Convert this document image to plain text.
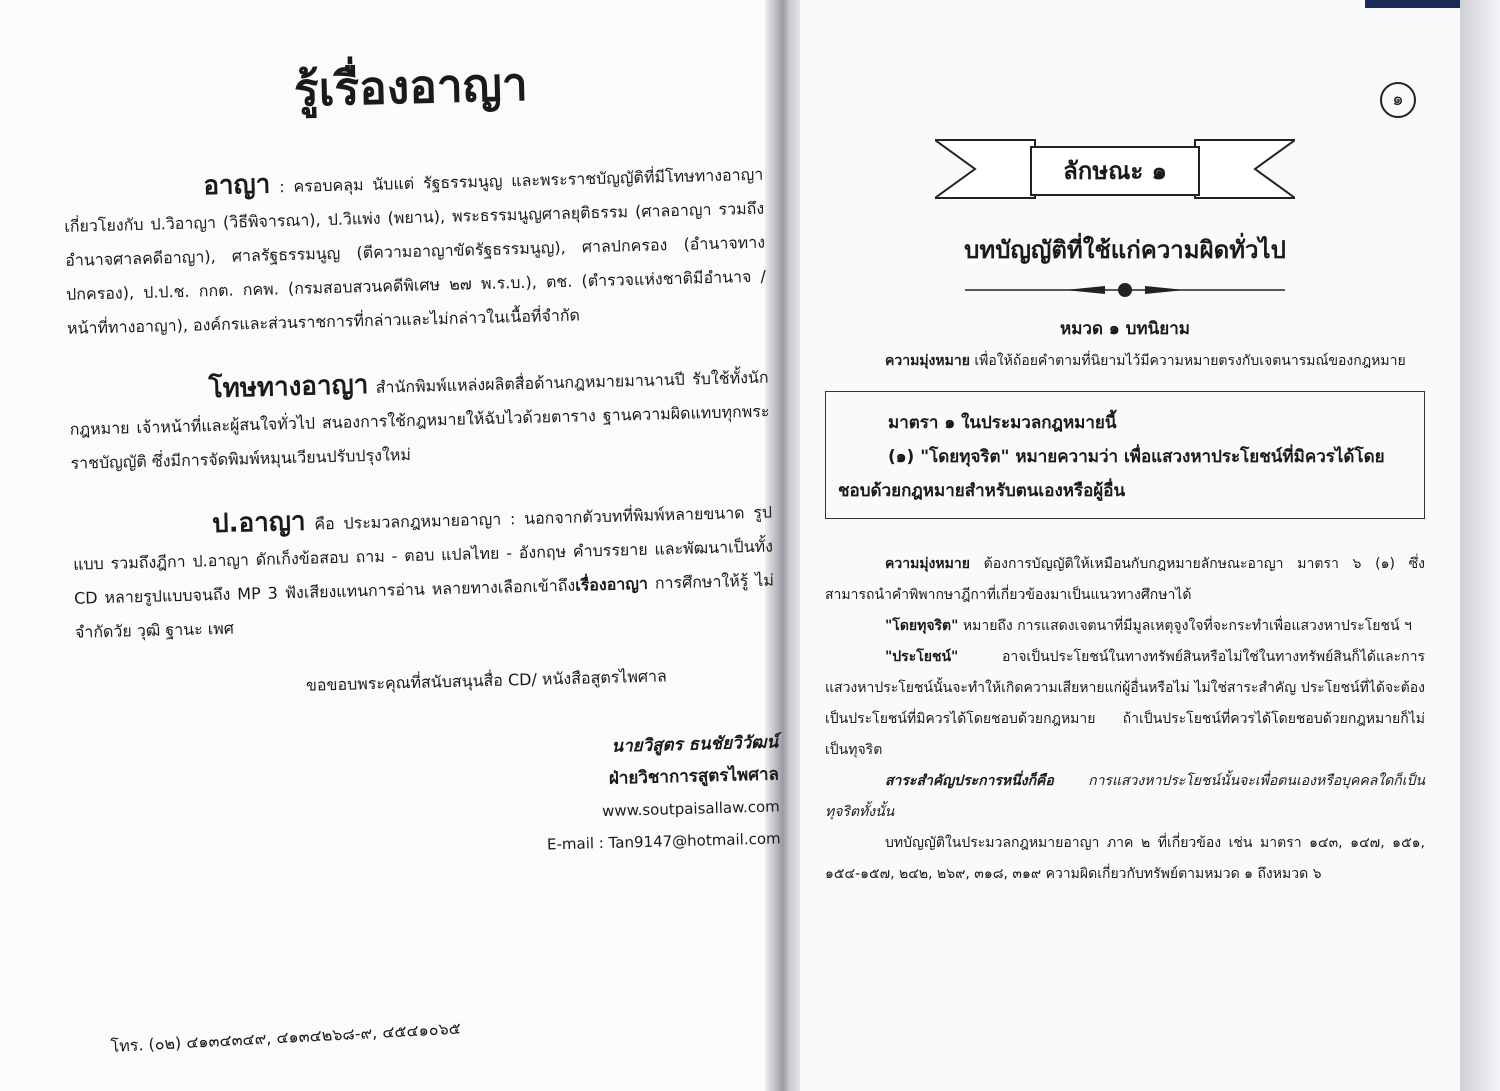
รู้เรื่องอาญา

อาญา : ครอบคลุม นับแต่ รัฐธรรมนูญ และพระราชบัญญัติที่มีโทษทางอาญา เกี่ยวโยงกับ ป.วิอาญา (วิธีพิจารณา), ป.วิแพ่ง (พยาน), พระธรรมนูญศาลยุติธรรม (ศาลอาญา รวมถึงอำนาจศาลคดีอาญา), ศาลรัฐธรรมนูญ (ตีความอาญาขัดรัฐธรรมนูญ), ศาลปกครอง (อำนาจทางปกครอง), ป.ป.ช. กกต. กคพ. (กรมสอบสวนคดีพิเศษ ๒๗ พ.ร.บ.), ตช. (ตำรวจแห่งชาติมีอำนาจ / หน้าที่ทางอาญา), องค์กรและส่วนราชการที่กล่าวและไม่กล่าวในเนื้อที่จำกัด

โทษทางอาญา สำนักพิมพ์แหล่งผลิตสื่อด้านกฎหมายมานานปี รับใช้ทั้งนักกฎหมาย เจ้าหน้าที่และผู้สนใจทั่วไป สนองการใช้กฎหมายให้ฉับไวด้วยตาราง ฐานความผิดแทบทุกพระราชบัญญัติ ซึ่งมีการจัดพิมพ์หมุนเวียนปรับปรุงใหม่

ป.อาญา คือ ประมวลกฎหมายอาญา : นอกจากตัวบทที่พิมพ์หลายขนาด รูปแบบ รวมถึงฎีกา ป.อาญา ดักเก็งข้อสอบ ถาม - ตอบ แปลไทย - อังกฤษ คำบรรยาย และพัฒนาเป็นทั้ง CD หลายรูปแบบจนถึง MP 3 ฟังเสียงแทนการอ่าน หลายทางเลือกเข้าถึงเรื่องอาญา การศึกษาให้รู้ ไม่จำกัดวัย วุฒิ ฐานะ เพศ

ขอขอบพระคุณที่สนับสนุนสื่อ CD/ หนังสือสูตรไพศาล
นายวิสูตร ธนชัยวิวัฒน์
ฝ่ายวิชาการสูตรไพศาล
www.soutpaisallaw.com
E-mail : Tan9147@hotmail.com
โทร. (๐๒) ๔๑๓๔๓๔๙, ๔๑๓๔๒๖๘-๙, ๔๕๔๑๐๖๕
๑
ลักษณะ ๑
บทบัญญัติที่ใช้แก่ความผิดทั่วไป
หมวด ๑ บทนิยาม

ความมุ่งหมาย เพื่อให้ถ้อยคำตามที่นิยามไว้มีความหมายตรงกับเจตนารมณ์ของกฎหมาย

มาตรา ๑ ในประมวลกฎหมายนี้
(๑) "โดยทุจริต" หมายความว่า เพื่อแสวงหาประโยชน์ที่มิควรได้โดยชอบด้วยกฎหมายสำหรับตนเองหรือผู้อื่น

ความมุ่งหมาย ต้องการบัญญัติให้เหมือนกับกฎหมายลักษณะอาญา มาตรา ๖ (๑) ซึ่งสามารถนำคำพิพากษาฎีกาที่เกี่ยวข้องมาเป็นแนวทางศึกษาได้

"โดยทุจริต" หมายถึง การแสดงเจตนาที่มีมูลเหตุจูงใจที่จะกระทำเพื่อแสวงหาประโยชน์ ฯ

"ประโยชน์" อาจเป็นประโยชน์ในทางทรัพย์สินหรือไม่ใช่ในทางทรัพย์สินก็ได้และการแสวงหาประโยชน์นั้นจะทำให้เกิดความเสียหายแก่ผู้อื่นหรือไม่ ไม่ใช่สาระสำคัญ ประโยชน์ที่ได้จะต้องเป็นประโยชน์ที่มิควรได้โดยชอบด้วยกฎหมาย ถ้าเป็นประโยชน์ที่ควรได้โดยชอบด้วยกฎหมายก็ไม่เป็นทุจริต

สาระสำคัญประการหนึ่งก็คือ การแสวงหาประโยชน์นั้นจะเพื่อตนเองหรือบุคคลใดก็เป็นทุจริตทั้งนั้น

บทบัญญัติในประมวลกฎหมายอาญา ภาค ๒ ที่เกี่ยวข้อง เช่น มาตรา ๑๔๓, ๑๔๗, ๑๕๑, ๑๕๔-๑๕๗, ๒๔๒, ๒๖๙, ๓๑๘, ๓๑๙ ความผิดเกี่ยวกับทรัพย์ตามหมวด ๑ ถึงหมวด ๖
